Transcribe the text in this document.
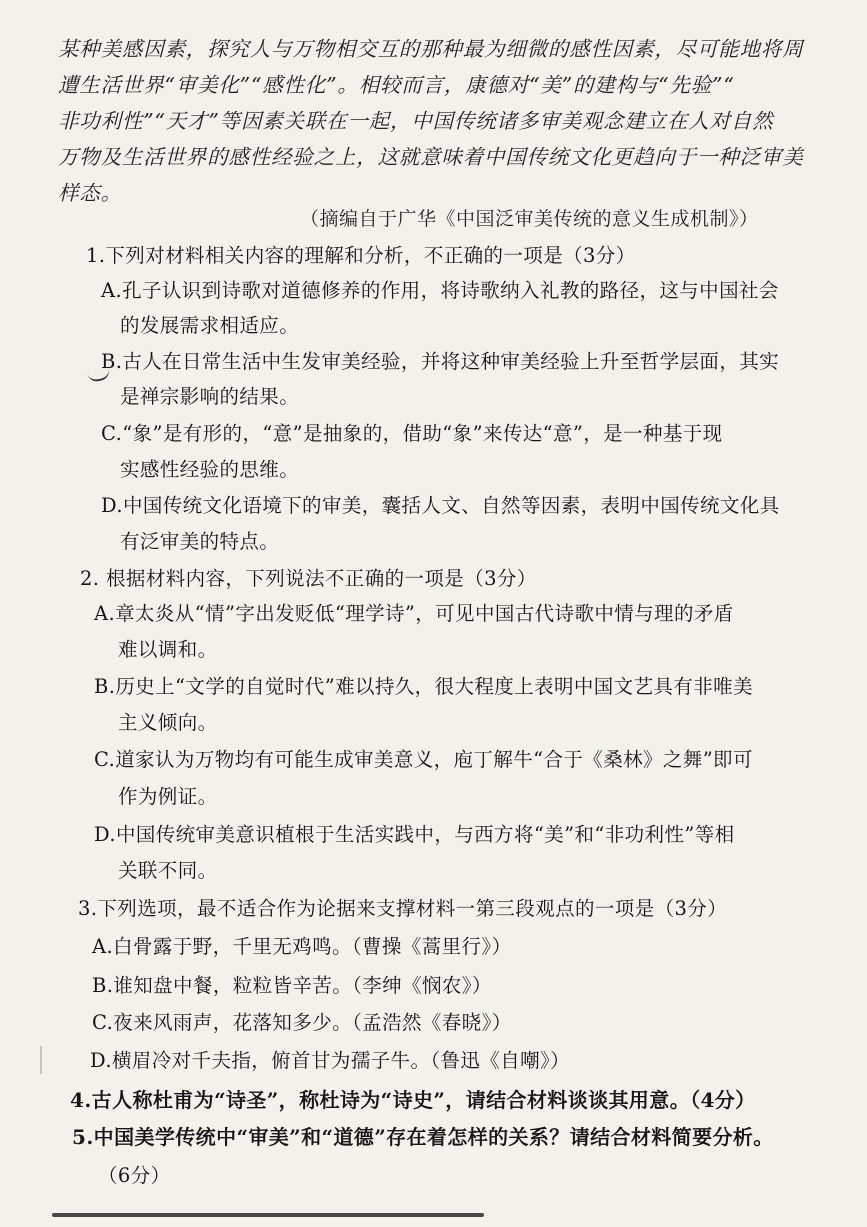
某种美感因素，探究人与万物相交互的那种最为细微的感性因素，尽可能地将周
遭生活世界“审美化”“感性化”。相较而言，康德对“美”的建构与“先验”“
非功利性”“天才”等因素关联在一起，中国传统诸多审美观念建立在人对自然
万物及生活世界的感性经验之上，这就意味着中国传统文化更趋向于一种泛审美
样态。
（摘编自于广华《中国泛审美传统的意义生成机制》）
1.下列对材料相关内容的理解和分析，不正确的一项是（3分）
A.孔子认识到诗歌对道德修养的作用，将诗歌纳入礼教的路径，这与中国社会
的发展需求相适应。
B.古人在日常生活中生发审美经验，并将这种审美经验上升至哲学层面，其实
是禅宗影响的结果。
C.“象”是有形的，“意”是抽象的，借助“象”来传达“意”，是一种基于现
实感性经验的思维。
D.中国传统文化语境下的审美，囊括人文、自然等因素，表明中国传统文化具
有泛审美的特点。
2. 根据材料内容，下列说法不正确的一项是（3分）
A.章太炎从“情”字出发贬低“理学诗”，可见中国古代诗歌中情与理的矛盾
难以调和。
B.历史上“文学的自觉时代”难以持久，很大程度上表明中国文艺具有非唯美
主义倾向。
C.道家认为万物均有可能生成审美意义，庖丁解牛“合于《桑林》之舞”即可
作为例证。
D.中国传统审美意识植根于生活实践中，与西方将“美”和“非功利性”等相
关联不同。
3.下列选项，最不适合作为论据来支撑材料一第三段观点的一项是（3分）
A.白骨露于野，千里无鸡鸣。（曹操《蒿里行》）
B.谁知盘中餐，粒粒皆辛苦。（李绅《悯农》）
C.夜来风雨声，花落知多少。（孟浩然《春晓》）
D.横眉冷对千夫指，俯首甘为孺子牛。（鲁迅《自嘲》）
4.古人称杜甫为“诗圣”，称杜诗为“诗史”，请结合材料谈谈其用意。（4分）
5.中国美学传统中“审美”和“道德”存在着怎样的关系？请结合材料简要分析。
（6分）
